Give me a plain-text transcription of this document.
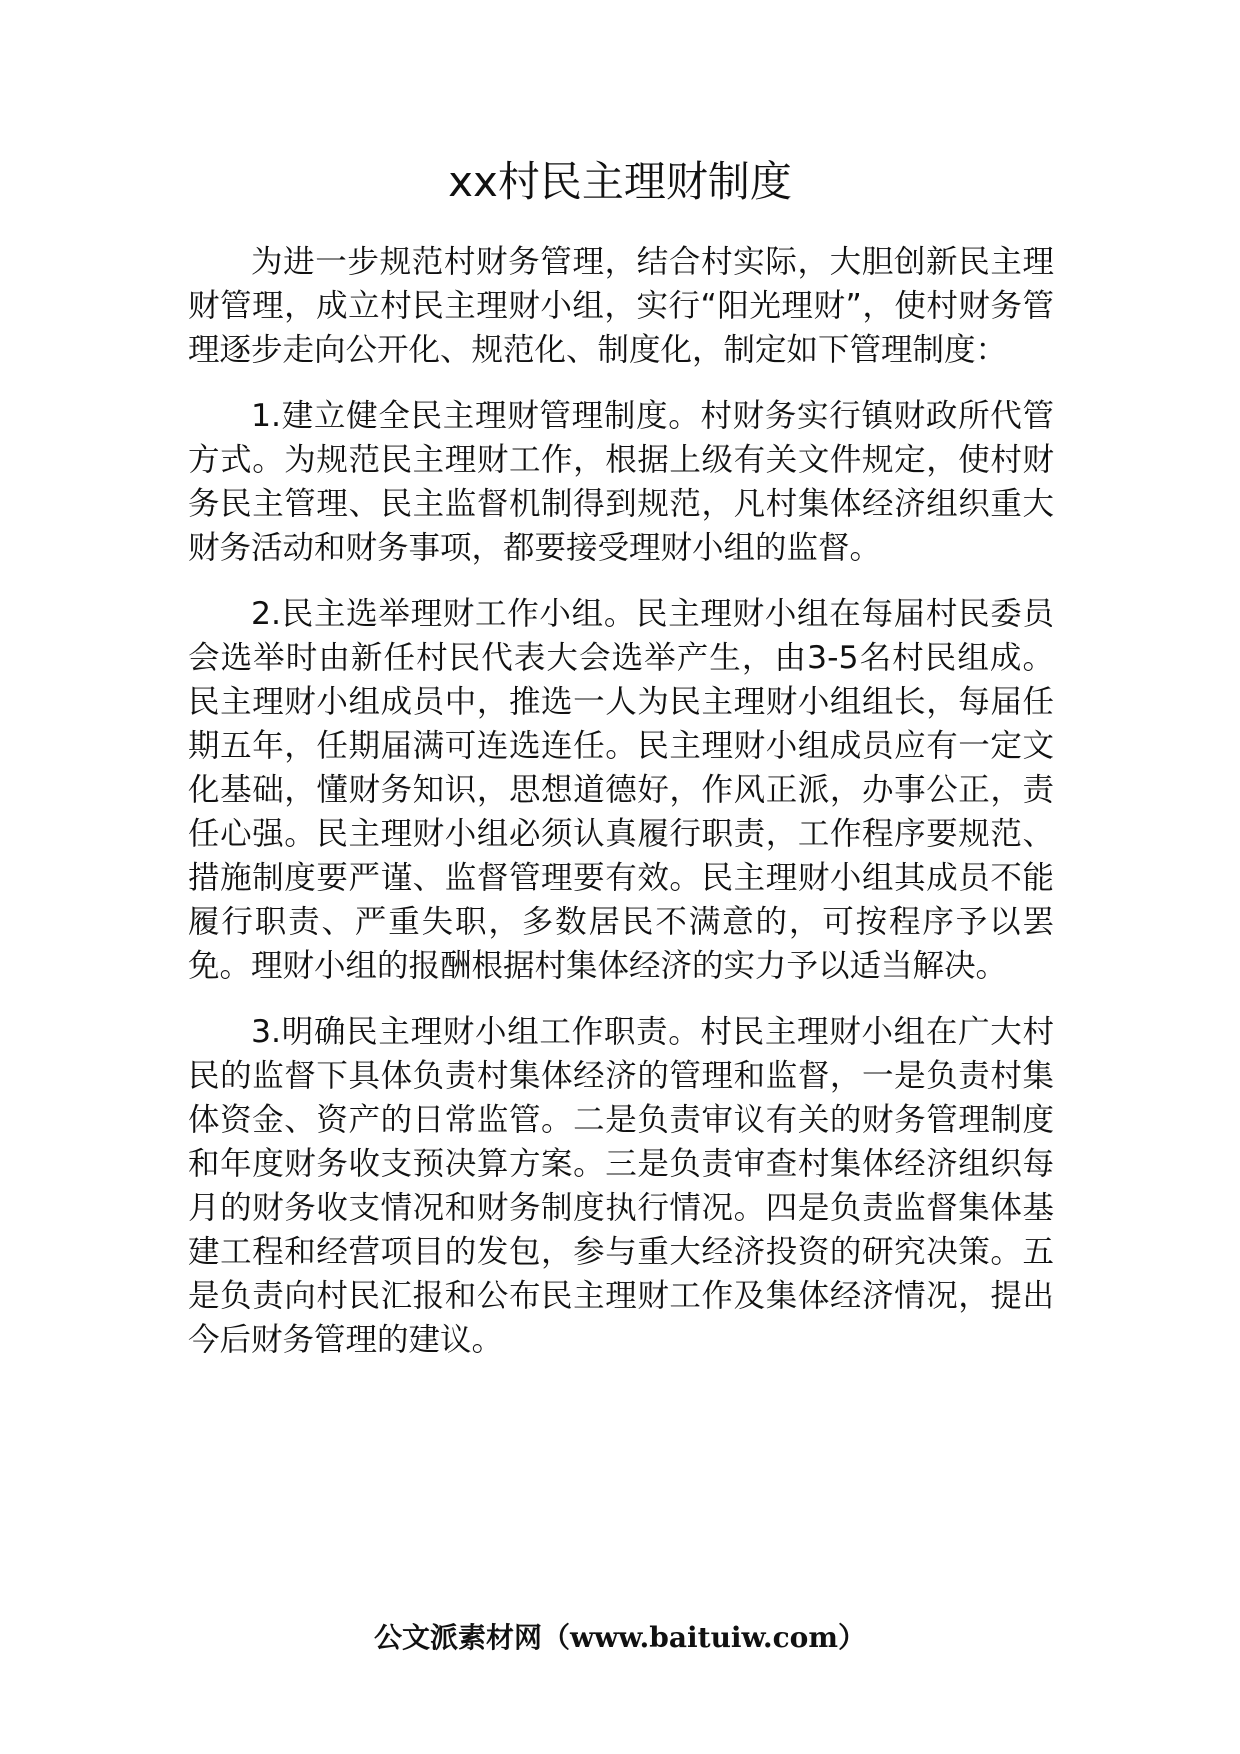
xx村民主理财制度

为进一步规范村财务管理，结合村实际，大胆创新民主理财管理，成立村民主理财小组，实行“阳光理财”，使村财务管理逐步走向公开化、规范化、制度化，制定如下管理制度：

1.建立健全民主理财管理制度。村财务实行镇财政所代管方式。为规范民主理财工作，根据上级有关文件规定，使村财务民主管理、民主监督机制得到规范，凡村集体经济组织重大财务活动和财务事项，都要接受理财小组的监督。

2.民主选举理财工作小组。民主理财小组在每届村民委员会选举时由新任村民代表大会选举产生，由3-5名村民组成。民主理财小组成员中，推选一人为民主理财小组组长，每届任期五年，任期届满可连选连任。民主理财小组成员应有一定文化基础，懂财务知识，思想道德好，作风正派，办事公正，责任心强。民主理财小组必须认真履行职责，工作程序要规范、措施制度要严谨、监督管理要有效。民主理财小组其成员不能履行职责、严重失职，多数居民不满意的，可按程序予以罢免。理财小组的报酬根据村集体经济的实力予以适当解决。

3.明确民主理财小组工作职责。村民主理财小组在广大村民的监督下具体负责村集体经济的管理和监督，一是负责村集体资金、资产的日常监管。二是负责审议有关的财务管理制度和年度财务收支预决算方案。三是负责审查村集体经济组织每月的财务收支情况和财务制度执行情况。四是负责监督集体基建工程和经营项目的发包，参与重大经济投资的研究决策。五是负责向村民汇报和公布民主理财工作及集体经济情况，提出今后财务管理的建议。

公文派素材网（www.baituiw.com）
